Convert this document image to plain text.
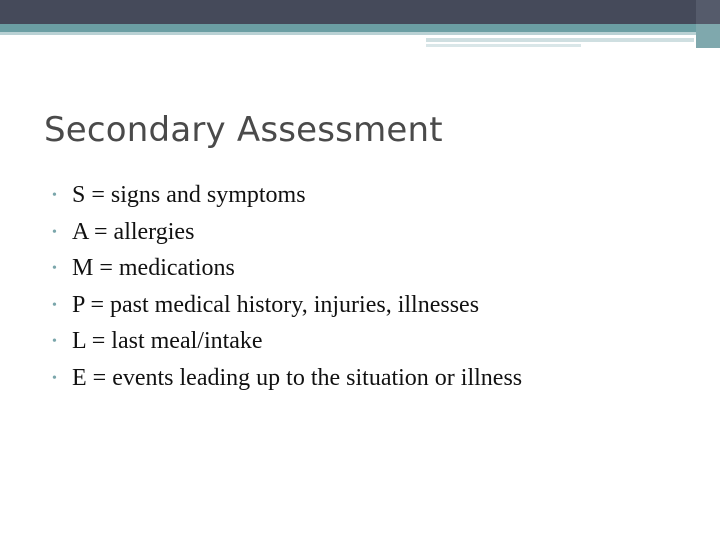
Secondary Assessment
• S = signs and symptoms
• A = allergies
• M = medications
• P = past medical history, injuries, illnesses
• L = last meal/intake
• E = events leading up to the situation or illness
